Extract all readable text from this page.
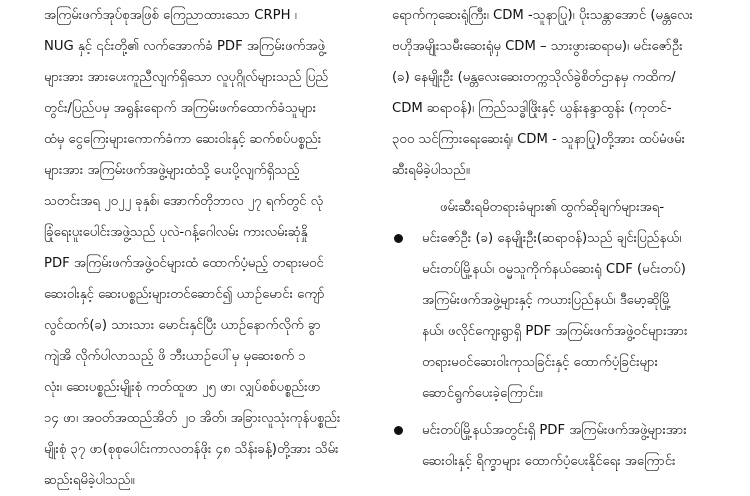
အကြမ်းဖက်အုပ်စုအဖြစ် ကြေညာထားသော CRPH ၊
NUG နှင့် ၎င်းတို့၏ လက်အောက်ခံ PDF အကြမ်းဖက်အဖွဲ့
များအား အားပေးကူညီလျက်ရှိသော လူပုဂ္ဂိုလ်များသည် ပြည်
တွင်း/ပြည်ပမှ အရွန်းရောက် အကြမ်းဖက်ထောက်ခံသူများ
ထံမှ ငွေကြေးများကောက်ခံကာ ဆေးဝါးနှင့် ဆက်စပ်ပစ္စည်း
များအား အကြမ်းဖက်အဖွဲ့များထံသို့ ပေးပို့လျက်ရှိသည့်
သတင်းအရ ၂၀၂၂ ခုနှစ်၊ အောက်တိုဘာလ ၂၇ ရက်တွင် လုံ
ခြုံရေးပူးပေါင်းအဖွဲ့သည် ပုလဲ-ဂန့်ဂေါလမ်း ကားလမ်းဆုံနှို
PDF အကြမ်းဖက်အဖွဲ့ဝင်များထံ ထောက်ပံ့မည့် တရားမဝင်
ဆေးဝါးနှင့် ဆေးပစ္စည်းများတင်ဆောင်၍ ယာဉ်မောင်း ကျော်
လွင်ထက်(ခ) သားသား မောင်းနှင်ပြီး ယာဉ်နောက်လိုက် ခွာ
ကျဲအိ လိုက်ပါလာသည့် ဖိ ဘီးယာဉ်ပေါ်မှ မှဆေးစက် ၁
လုံး၊ ဆေးပစ္စည်းမျိုးစုံ ကတ်ထူဖာ ၂၅ ဖာ၊ လျှပ်စစ်ပစ္စည်းဖာ
၁၄ ဖာ၊ အဝတ်အထည်အိတ် ၂၀ အိတ်၊ အခြားလူသုံးကုန်ပစ္စည်း
မျိုးစုံ ၃၇ ဖာ(စုစုပေါင်းကာလတန်ဖိုး ၄၈ သိန်းခန့်)တို့အား သိမ်း
ဆည်းရမိခဲ့ပါသည်။
ရောက်ကုဆေးရုံကြီး၊ CDM -သူနာပြု)၊ ပိုးသန္တာအောင် (မန္တလေး
ဗဟိုအမျိုးသမီးဆေးရုံမှ CDM – သားဖွားဆရာမ)၊ မင်းဇော်ဦး
(ခ) နေမျိုးဦး (မန္တလေးဆေးတက္ကသိုလ်ခွဲစိတ်ဌာနမှ ကထိက/
CDM ဆရာဝန်)၊ ကြည်သဒ္ဓါဖြိုးနှင့် ယွန်းနန္ဒာထွန်း (ကုတင်-
၃၀၀ သင်ကြားရေးဆေးရုံ၊ CDM - သူနာပြု)တို့အား ထပ်မံဖမ်း
ဆီးရမိခဲ့ပါသည်။
ဖမ်းဆီးရမိတရားခံများ၏ ထွက်ဆိုချက်များအရ-
မင်းဇော်ဦး (ခ) နေမျိုးဦး(ဆရာဝန်)သည် ချင်းပြည်နယ်၊
မင်းတပ်မြို့နယ်၊ ဝမ္မသူကိုက်နယ်ဆေးရုံ CDF (မင်းတပ်)
အကြမ်းဖက်အဖွဲ့များနှင့် ကယားပြည်နယ်၊ ဒီမော့ဆိုမြို့
နယ်၊ ဖလိုင်ကျေးရွာရှိ PDF အကြမ်းဖက်အဖွဲ့ဝင်များအား
တရားမဝင်ဆေးဝါးကုသခြင်းနှင့် ထောက်ပံ့ခြင်းများ
ဆောင်ရွက်ပေးခဲ့ကြောင်း။
မင်းတပ်မြို့နယ်အတွင်းရှိ PDF အကြမ်းဖက်အဖွဲ့များအား
ဆေးဝါးနှင့် ရိက္ခာများ ထောက်ပံ့ပေးနိုင်ရေး အကြောင်း
